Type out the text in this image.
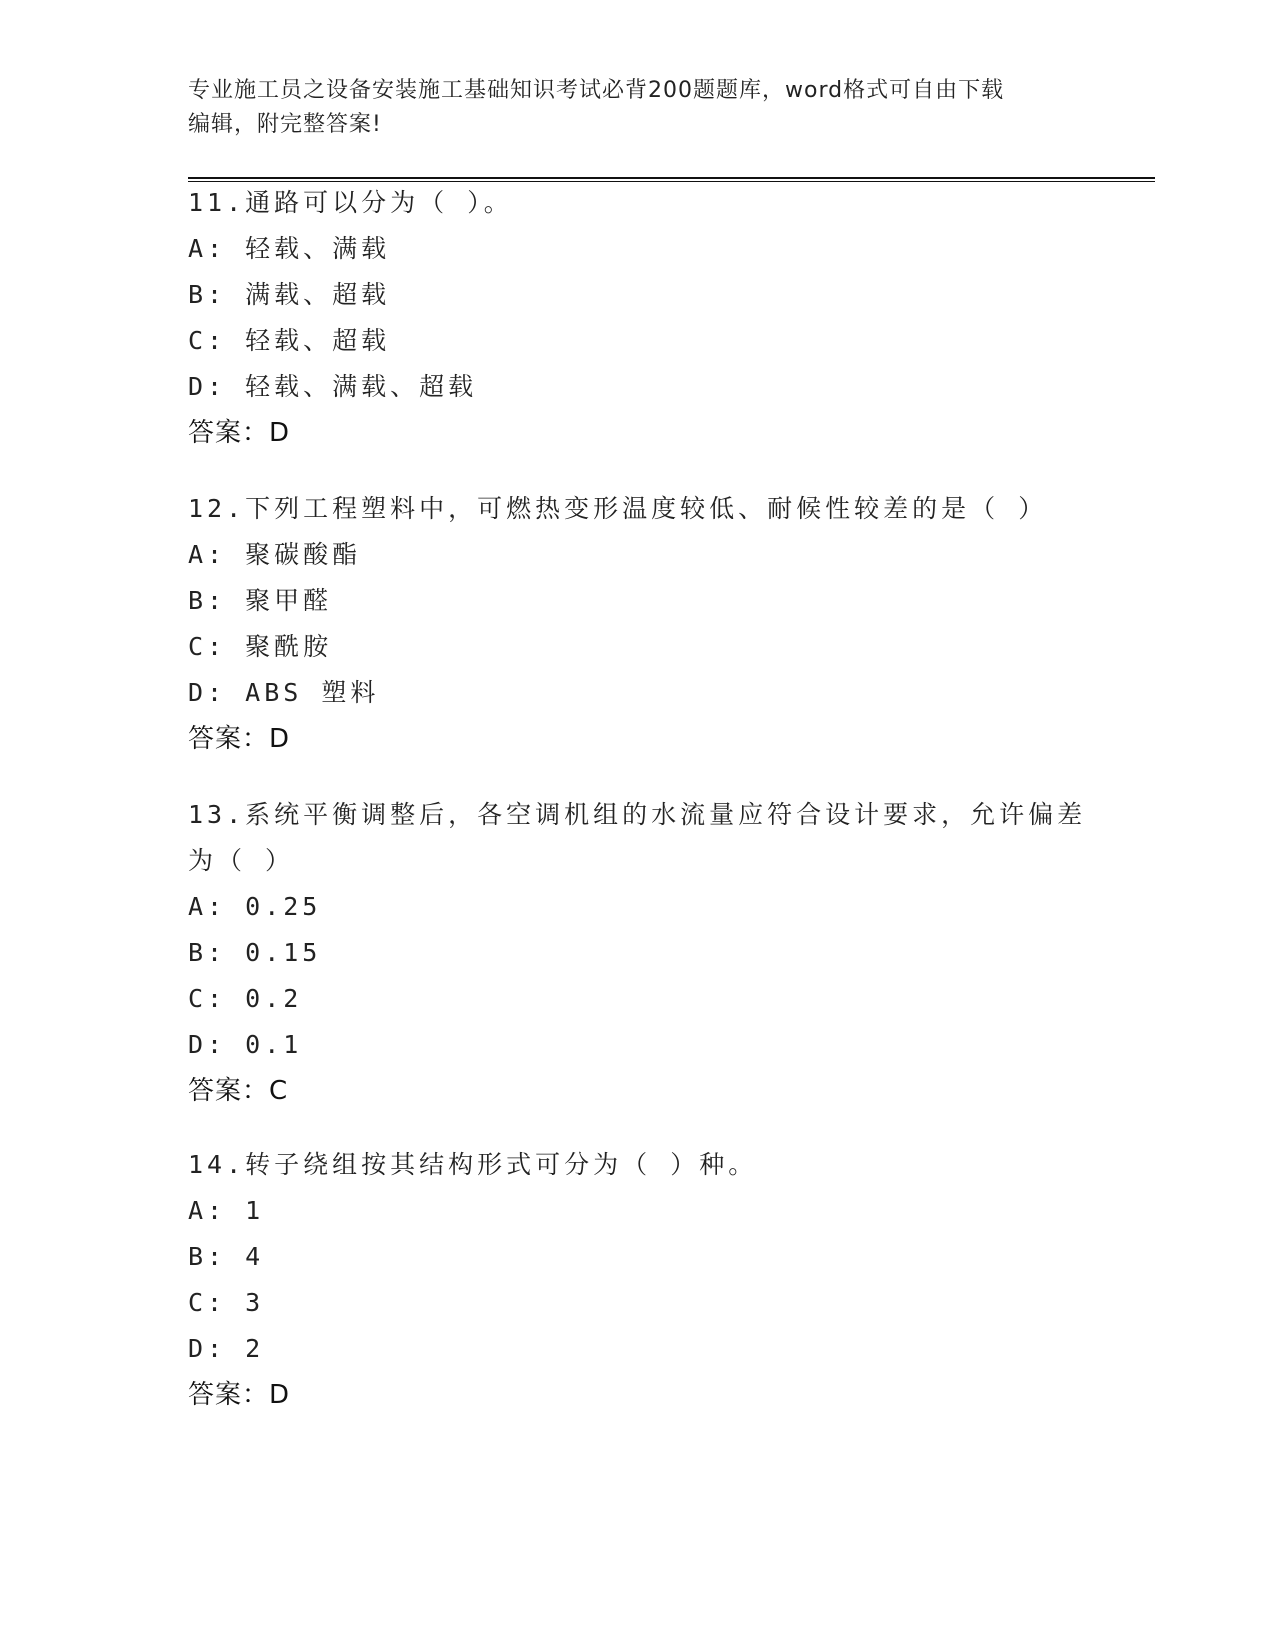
专业施工员之设备安装施工基础知识考试必背200题题库，word格式可自由下载
编辑，附完整答案!
11.通路可以分为（ ）。
A: 轻载、满载
B: 满载、超载
C: 轻载、超载
D: 轻载、满载、超载
答案：D
12.下列工程塑料中，可燃热变形温度较低、耐候性较差的是（ ）
A: 聚碳酸酯
B: 聚甲醛
C: 聚酰胺
D: ABS 塑料
答案：D
13.系统平衡调整后，各空调机组的水流量应符合设计要求，允许偏差
为（ ）
A: 0.25
B: 0.15
C: 0.2
D: 0.1
答案：C
14.转子绕组按其结构形式可分为（ ）种。
A: 1
B: 4
C: 3
D: 2
答案：D
